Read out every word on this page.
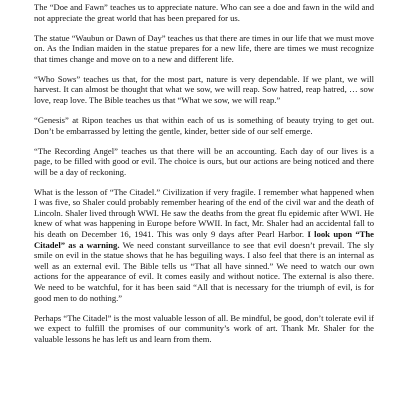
The “Doe and Fawn” teaches us to appreciate nature. Who can see a doe and fawn in the wild and not appreciate the great world that has been prepared for us.

The statue “Waubun or Dawn of Day” teaches us that there are times in our life that we must move on. As the Indian maiden in the statue prepares for a new life, there are times we must recognize that times change and move on to a new and different life.

“Who Sows” teaches us that, for the most part, nature is very dependable. If we plant, we will harvest. It can almost be thought that what we sow, we will reap. Sow hatred, reap hatred, … sow love, reap love. The Bible teaches us that “What we sow, we will reap.”

“Genesis” at Ripon teaches us that within each of us is something of beauty trying to get out. Don’t be embarrassed by letting the gentle, kinder, better side of our self emerge.

“The Recording Angel” teaches us that there will be an accounting. Each day of our lives is a page, to be filled with good or evil. The choice is ours, but our actions are being noticed and there will be a day of reckoning.

What is the lesson of “The Citadel.” Civilization if very fragile. I remember what happened when I was five, so Shaler could probably remember hearing of the end of the civil war and the death of Lincoln. Shaler lived through WWI. He saw the deaths from the great flu epidemic after WWI. He knew of what was happening in Europe before WWII. In fact, Mr. Shaler had an accidental fall to his death on December 16, 1941. This was only 9 days after Pearl Harbor. I look upon “The Citadel” as a warning. We need constant surveillance to see that evil doesn’t prevail. The sly smile on evil in the statue shows that he has beguiling ways. I also feel that there is an internal as well as an external evil. The Bible tells us “That all have sinned.” We need to watch our own actions for the appearance of evil. It comes easily and without notice. The external is also there. We need to be watchful, for it has been said “All that is necessary for the triumph of evil, is for good men to do nothing.”

Perhaps “The Citadel” is the most valuable lesson of all. Be mindful, be good, don’t tolerate evil if we expect to fulfill the promises of our community’s work of art. Thank Mr. Shaler for the valuable lessons he has left us and learn from them.
